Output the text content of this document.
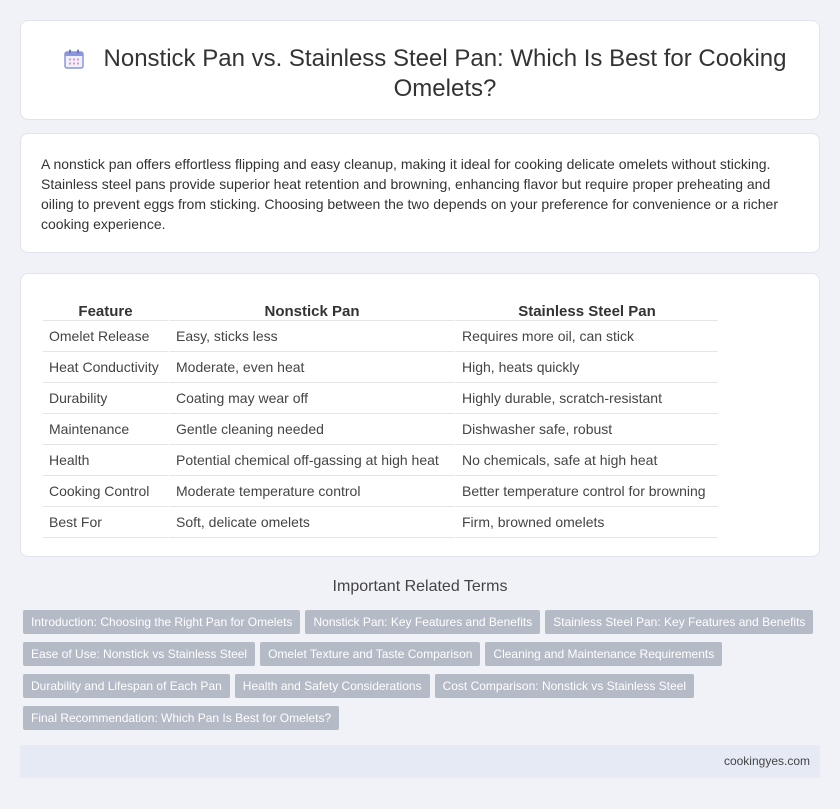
Nonstick Pan vs. Stainless Steel Pan: Which Is Best for Cooking Omelets?

A nonstick pan offers effortless flipping and easy cleanup, making it ideal for cooking delicate omelets without sticking. Stainless steel pans provide superior heat retention and browning, enhancing flavor but require proper preheating and oiling to prevent eggs from sticking. Choosing between the two depends on your preference for convenience or a richer cooking experience.

Feature	Nonstick Pan	Stainless Steel Pan
Omelet Release	Easy, sticks less	Requires more oil, can stick
Heat Conductivity	Moderate, even heat	High, heats quickly
Durability	Coating may wear off	Highly durable, scratch-resistant
Maintenance	Gentle cleaning needed	Dishwasher safe, robust
Health	Potential chemical off-gassing at high heat	No chemicals, safe at high heat
Cooking Control	Moderate temperature control	Better temperature control for browning
Best For	Soft, delicate omelets	Firm, browned omelets
Important Related Terms
Introduction: Choosing the Right Pan for Omelets Nonstick Pan: Key Features and Benefits Stainless Steel Pan: Key Features and Benefits
Ease of Use: Nonstick vs Stainless Steel Omelet Texture and Taste Comparison Cleaning and Maintenance Requirements
Durability and Lifespan of Each Pan Health and Safety Considerations Cost Comparison: Nonstick vs Stainless Steel
Final Recommendation: Which Pan Is Best for Omelets?
cookingyes.com
